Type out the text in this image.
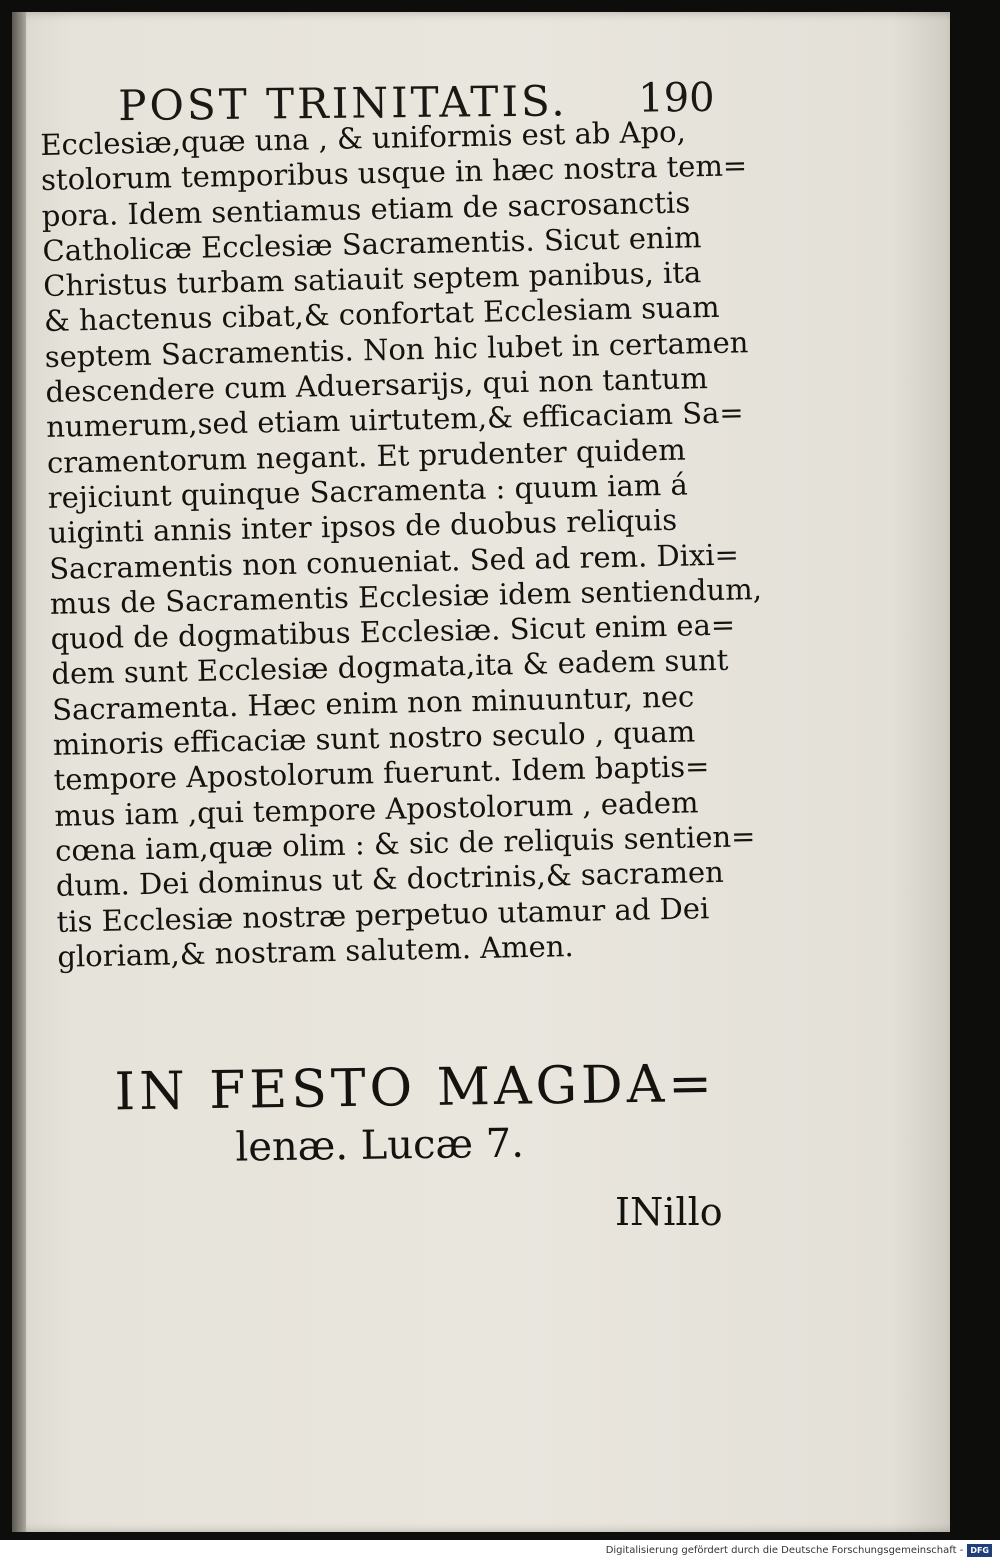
POST TRINITATIS. 190
Ecclesiæ,quæ una , & uniformis est ab Apo,
stolorum temporibus usque in hæc nostra tem=
pora. Idem sentiamus etiam de sacrosanctis
Catholicæ Ecclesiæ Sacramentis. Sicut enim
Christus turbam satiauit septem panibus, ita
& hactenus cibat,& confortat Ecclesiam suam
septem Sacramentis. Non hic lubet in certamen
descendere cum Aduersarijs, qui non tantum
numerum,sed etiam uirtutem,& efficaciam Sa=
cramentorum negant. Et prudenter quidem
rejiciunt quinque Sacramenta : quum iam á
uiginti annis inter ipsos de duobus reliquis
Sacramentis non conueniat. Sed ad rem. Dixi=
mus de Sacramentis Ecclesiæ idem sentiendum,
quod de dogmatibus Ecclesiæ. Sicut enim ea=
dem sunt Ecclesiæ dogmata,ita & eadem sunt
Sacramenta. Hæc enim non minuuntur, nec
minoris efficaciæ sunt nostro seculo , quam
tempore Apostolorum fuerunt. Idem baptis=
mus iam ,qui tempore Apostolorum , eadem
cœna iam,quæ olim : & sic de reliquis sentien=
dum. Dei dominus ut & doctrinis,& sacramen
tis Ecclesiæ nostræ perpetuo utamur ad Dei
gloriam,& nostram salutem. Amen.
IN FESTO MAGDA=
lenæ. Lucæ 7.
INillo
Digitalisierung gefördert durch die Deutsche Forschungsgemeinschaft - DFG
